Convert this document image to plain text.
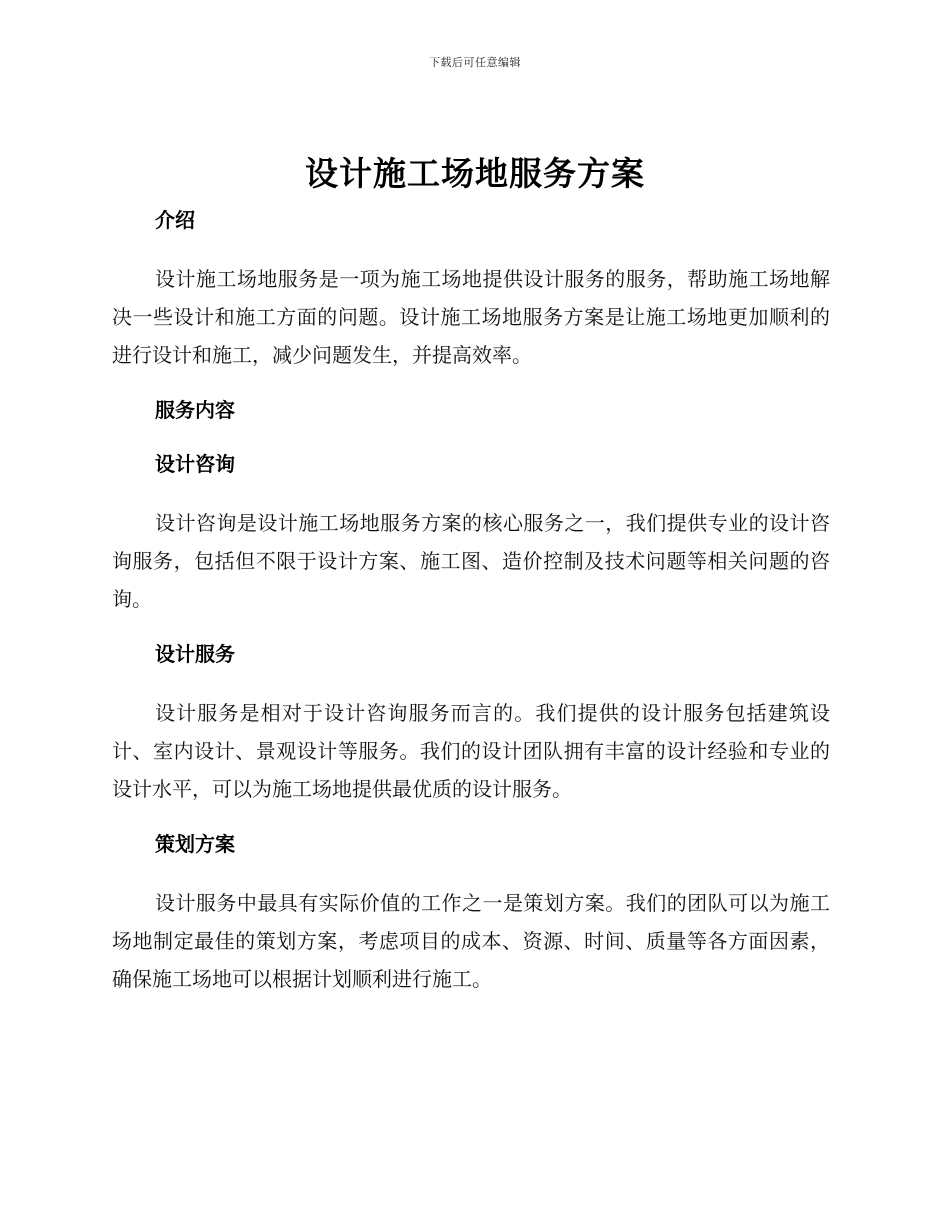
下载后可任意编辑
设计施工场地服务方案
介绍

设计施工场地服务是一项为施工场地提供设计服务的服务，帮助施工场地解决一些设计和施工方面的问题。设计施工场地服务方案是让施工场地更加顺利的进行设计和施工，减少问题发生，并提高效率。

服务内容
设计咨询

设计咨询是设计施工场地服务方案的核心服务之一，我们提供专业的设计咨询服务，包括但不限于设计方案、施工图、造价控制及技术问题等相关问题的咨询。

设计服务

设计服务是相对于设计咨询服务而言的。我们提供的设计服务包括建筑设计、室内设计、景观设计等服务。我们的设计团队拥有丰富的设计经验和专业的设计水平，可以为施工场地提供最优质的设计服务。

策划方案

设计服务中最具有实际价值的工作之一是策划方案。我们的团队可以为施工场地制定最佳的策划方案，考虑项目的成本、资源、时间、质量等各方面因素，确保施工场地可以根据计划顺利进行施工。
